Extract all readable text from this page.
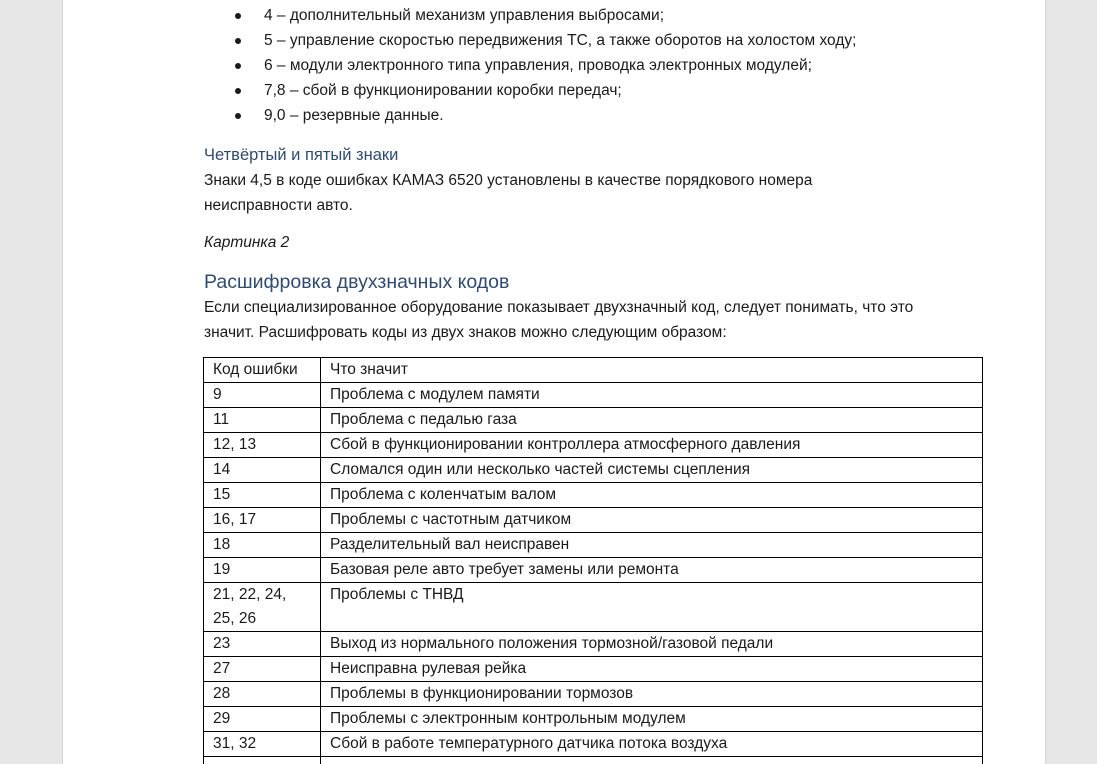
4 – дополнительный механизм управления выбросами;
5 – управление скоростью передвижения ТС, а также оборотов на холостом ходу;
6 – модули электронного типа управления, проводка электронных модулей;
7,8 – сбой в функционировании коробки передач;
9,0 – резервные данные.
Четвёртый и пятый знаки
Знаки 4,5 в коде ошибках КАМАЗ 6520 установлены в качестве порядкового номера
неисправности авто.
Картинка 2
Расшифровка двухзначных кодов
Если специализированное оборудование показывает двухзначный код, следует понимать, что это
значит. Расшифровать коды из двух знаков можно следующим образом:
Код ошибки	Что значит
9	Проблема с модулем памяти
11	Проблема с педалью газа
12, 13	Сбой в функционировании контроллера атмосферного давления
14	Сломался один или несколько частей системы сцепления
15	Проблема с коленчатым валом
16, 17	Проблемы с частотным датчиком
18	Разделительный вал неисправен
19	Базовая реле авто требует замены или ремонта

21, 22, 24,
25, 26	Проблемы с ТНВД
23	Выход из нормального положения тормозной/газовой педали
27	Неисправна рулевая рейка
28	Проблемы в функционировании тормозов
29	Проблемы с электронным контрольным модулем
31, 32	Сбой в работе температурного датчика потока воздуха
